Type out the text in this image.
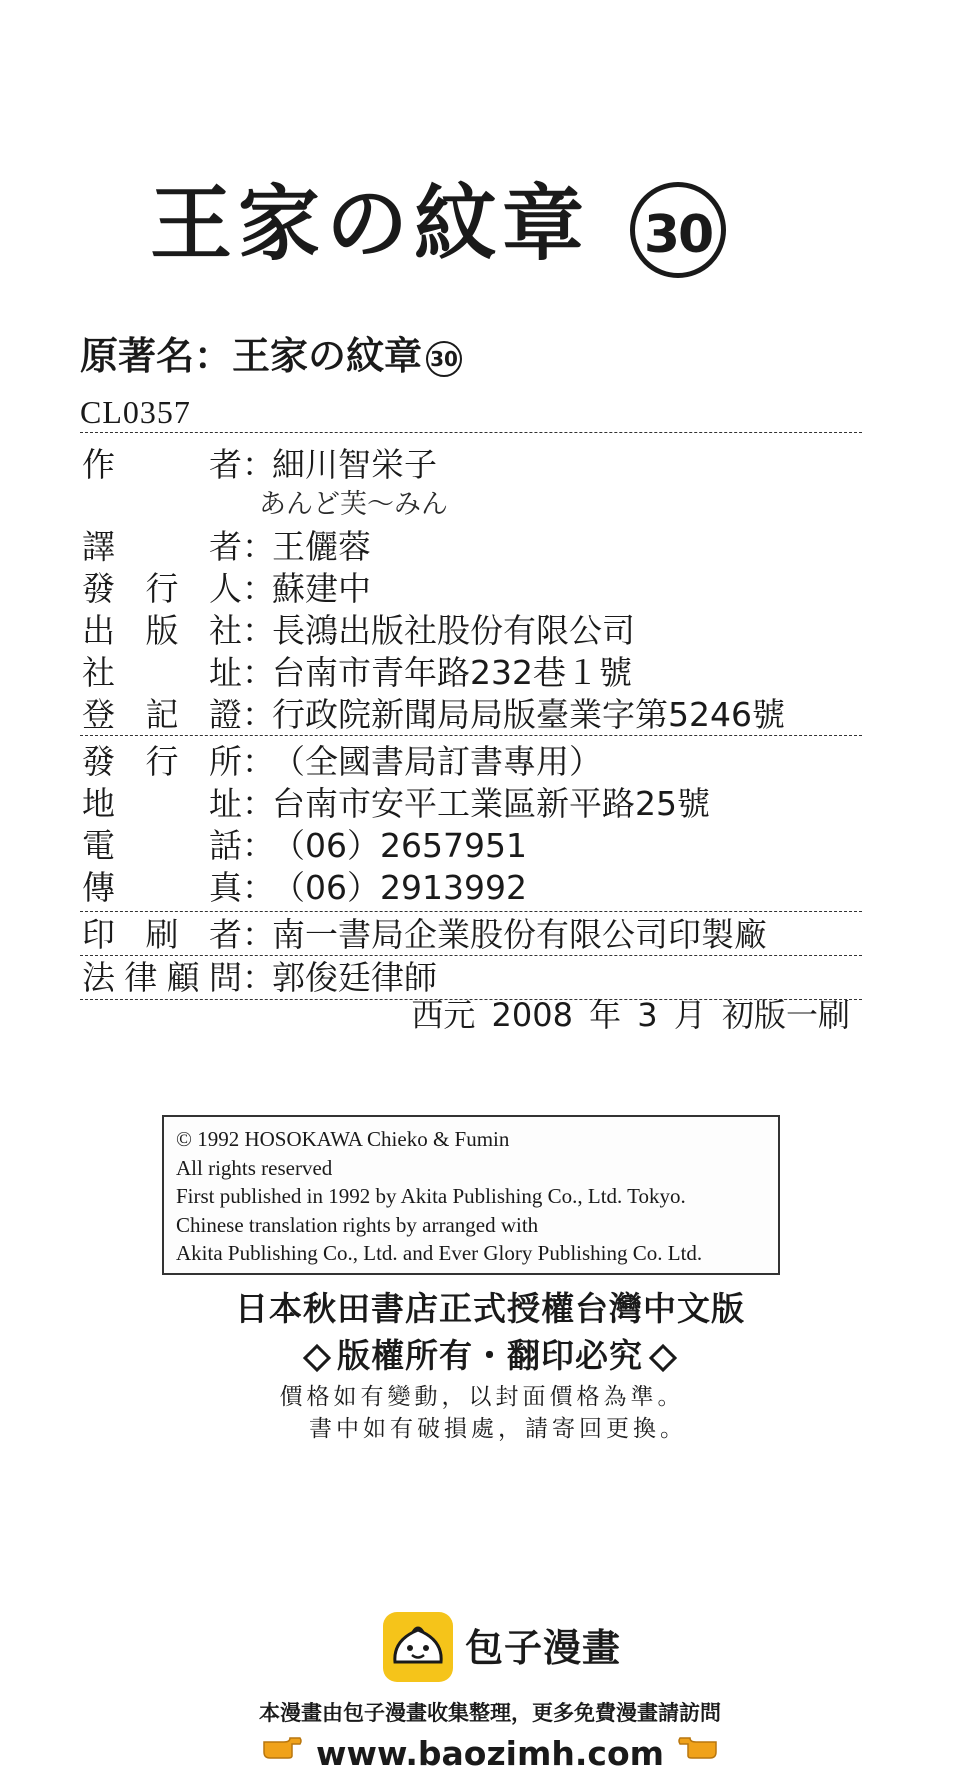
王家の紋章 30
原著名：王家の紋章 30
CL0357
作者：細川智栄子
あんど芙〜みん
譯者：王儷蓉
發行人：蘇建中
出版社：長鴻出版社股份有限公司
社址：台南市青年路232巷１號
登記證：行政院新聞局局版臺業字第5246號
發行所：（全國書局訂書專用）
地址：台南市安平工業區新平路25號
電話：（06）2657951
傳真：（06）2913992
印刷者：南一書局企業股份有限公司印製廠
法律顧問：郭俊廷律師
西元 2008 年 3 月 初版一刷
© 1992 HOSOKAWA Chieko & Fumin
All rights reserved
First published in 1992 by Akita Publishing Co., Ltd. Tokyo.
Chinese translation rights by arranged with
Akita Publishing Co., Ltd. and Ever Glory Publishing Co. Ltd.
日本秋田書店正式授權台灣中文版
版權所有・翻印必究
價格如有變動，以封面價格為準。
書中如有破損處，請寄回更換。
包子漫畫
本漫畫由包子漫畫收集整理，更多免費漫畫請訪問
www.baozimh.com
